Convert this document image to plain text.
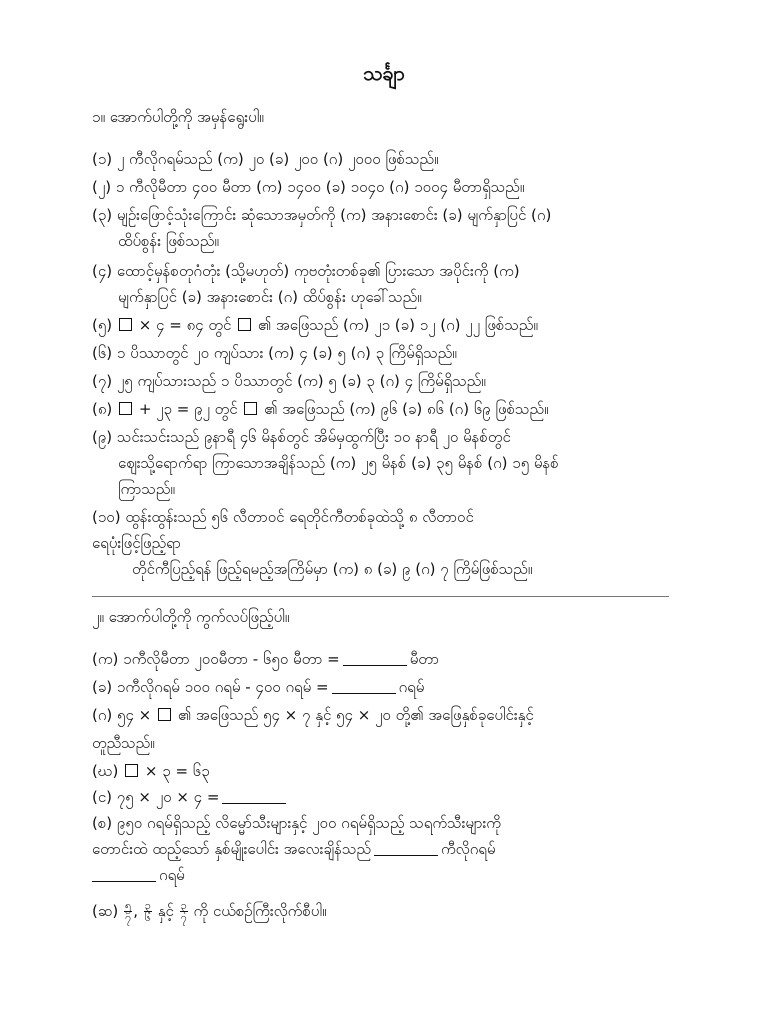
သင်္ချာ
၁။ အောက်ပါတို့ကို အမှန်ရွေးပါ။
(၁) ၂ ကီလိုဂရမ်သည် (က) ၂၀ (ခ) ၂၀၀ (ဂ) ၂၀၀၀ ဖြစ်သည်။
(၂) ၁ ကီလိုမီတာ ၄၀၀ မီတာ (က) ၁၄၀၀ (ခ) ၁၀၄၀ (ဂ) ၁၀၀၄ မီတာရှိသည်။
(၃) မျဉ်းဖြောင့်သုံးကြောင်း ဆုံသောအမှတ်ကို (က) အနားစောင်း (ခ) မျက်နှာပြင် (ဂ)
ထိပ်စွန်း ဖြစ်သည်။
(၄) ထောင့်မှန်စတုဂံတုံး (သို့မဟုတ်) ကုဗတုံးတစ်ခု၏ ပြားသော အပိုင်းကို (က)
မျက်နှာပြင် (ခ) အနားစောင်း (ဂ) ထိပ်စွန်း ဟုခေါ်သည်။
(၅) × ၄ = ၈၄ တွင် ၏ အဖြေသည် (က) ၂၁ (ခ) ၁၂ (ဂ) ၂၂ ဖြစ်သည်။
(၆) ၁ ပိဿာတွင် ၂၀ ကျပ်သား (က) ၄ (ခ) ၅ (ဂ) ၃ ကြိမ်ရှိသည်။
(၇) ၂၅ ကျပ်သားသည် ၁ ပိဿာတွင် (က) ၅ (ခ) ၃ (ဂ) ၄ ကြိမ်ရှိသည်။
(၈) + ၂၃ = ၉၂ တွင် ၏ အဖြေသည် (က) ၉၆ (ခ) ၈၆ (ဂ) ၆၉ ဖြစ်သည်။
(၉) သင်းသင်းသည် ၉နာရီ ၄၆ မိနစ်တွင် အိမ်မှထွက်ပြီး ၁၀ နာရီ ၂၀ မိနစ်တွင်
ဈေးသို့ရောက်ရာ ကြာသောအချိန်သည် (က) ၂၅ မိနစ် (ခ) ၃၅ မိနစ် (ဂ) ၁၅ မိနစ်
ကြာသည်။
(၁၀) ထွန်းထွန်းသည် ၅၆ လီတာဝင် ရေတိုင်ကီတစ်ခုထဲသို့ ၈ လီတာဝင်
ရေပုံးဖြင့်ဖြည့်ရာ
တိုင်ကီပြည့်ရန် ဖြည့်ရမည့်အကြိမ်မှာ (က) ၈ (ခ) ၉ (ဂ) ၇ ကြိမ်ဖြစ်သည်။
၂။ အောက်ပါတို့ကို ကွက်လပ်ဖြည့်ပါ။
(က) ၁ကီလိုမီတာ ၂၀၀မီတာ - ၆၅၀ မီတာ =	မီတာ
(ခ) ၁ကီလိုဂရမ် ၁၀၀ ဂရမ် - ၄၀၀ ဂရမ် =	ဂရမ်
(ဂ) ၅၄ × ၏ အဖြေသည် ၅၄ × ၇ နှင့် ၅၄ × ၂၀ တို့၏ အဖြေနှစ်ခုပေါင်းနှင့်
တူညီသည်။
(ဃ) × ၃ = ၆၃
(င) ၇၅ × ၂၀ × ၄ =
(စ) ၉၅၀ ဂရမ်ရှိသည့် လိမ္မော်သီးများနှင့် ၂၀၀ ဂရမ်ရှိသည့် သရက်သီးများကို
တောင်းထဲ ထည့်သော် နှစ်မျိုးပေါင်း အလေးချိန်သည်	ကီလိုဂရမ်
ဂရမ်
(ဆ) $\frac{၅}{၇}$ , $\frac{၃}{၆}$ နှင့် $\frac{၃}{၇}$ ကို ငယ်စဥ်ကြီးလိုက်စီပါ။
